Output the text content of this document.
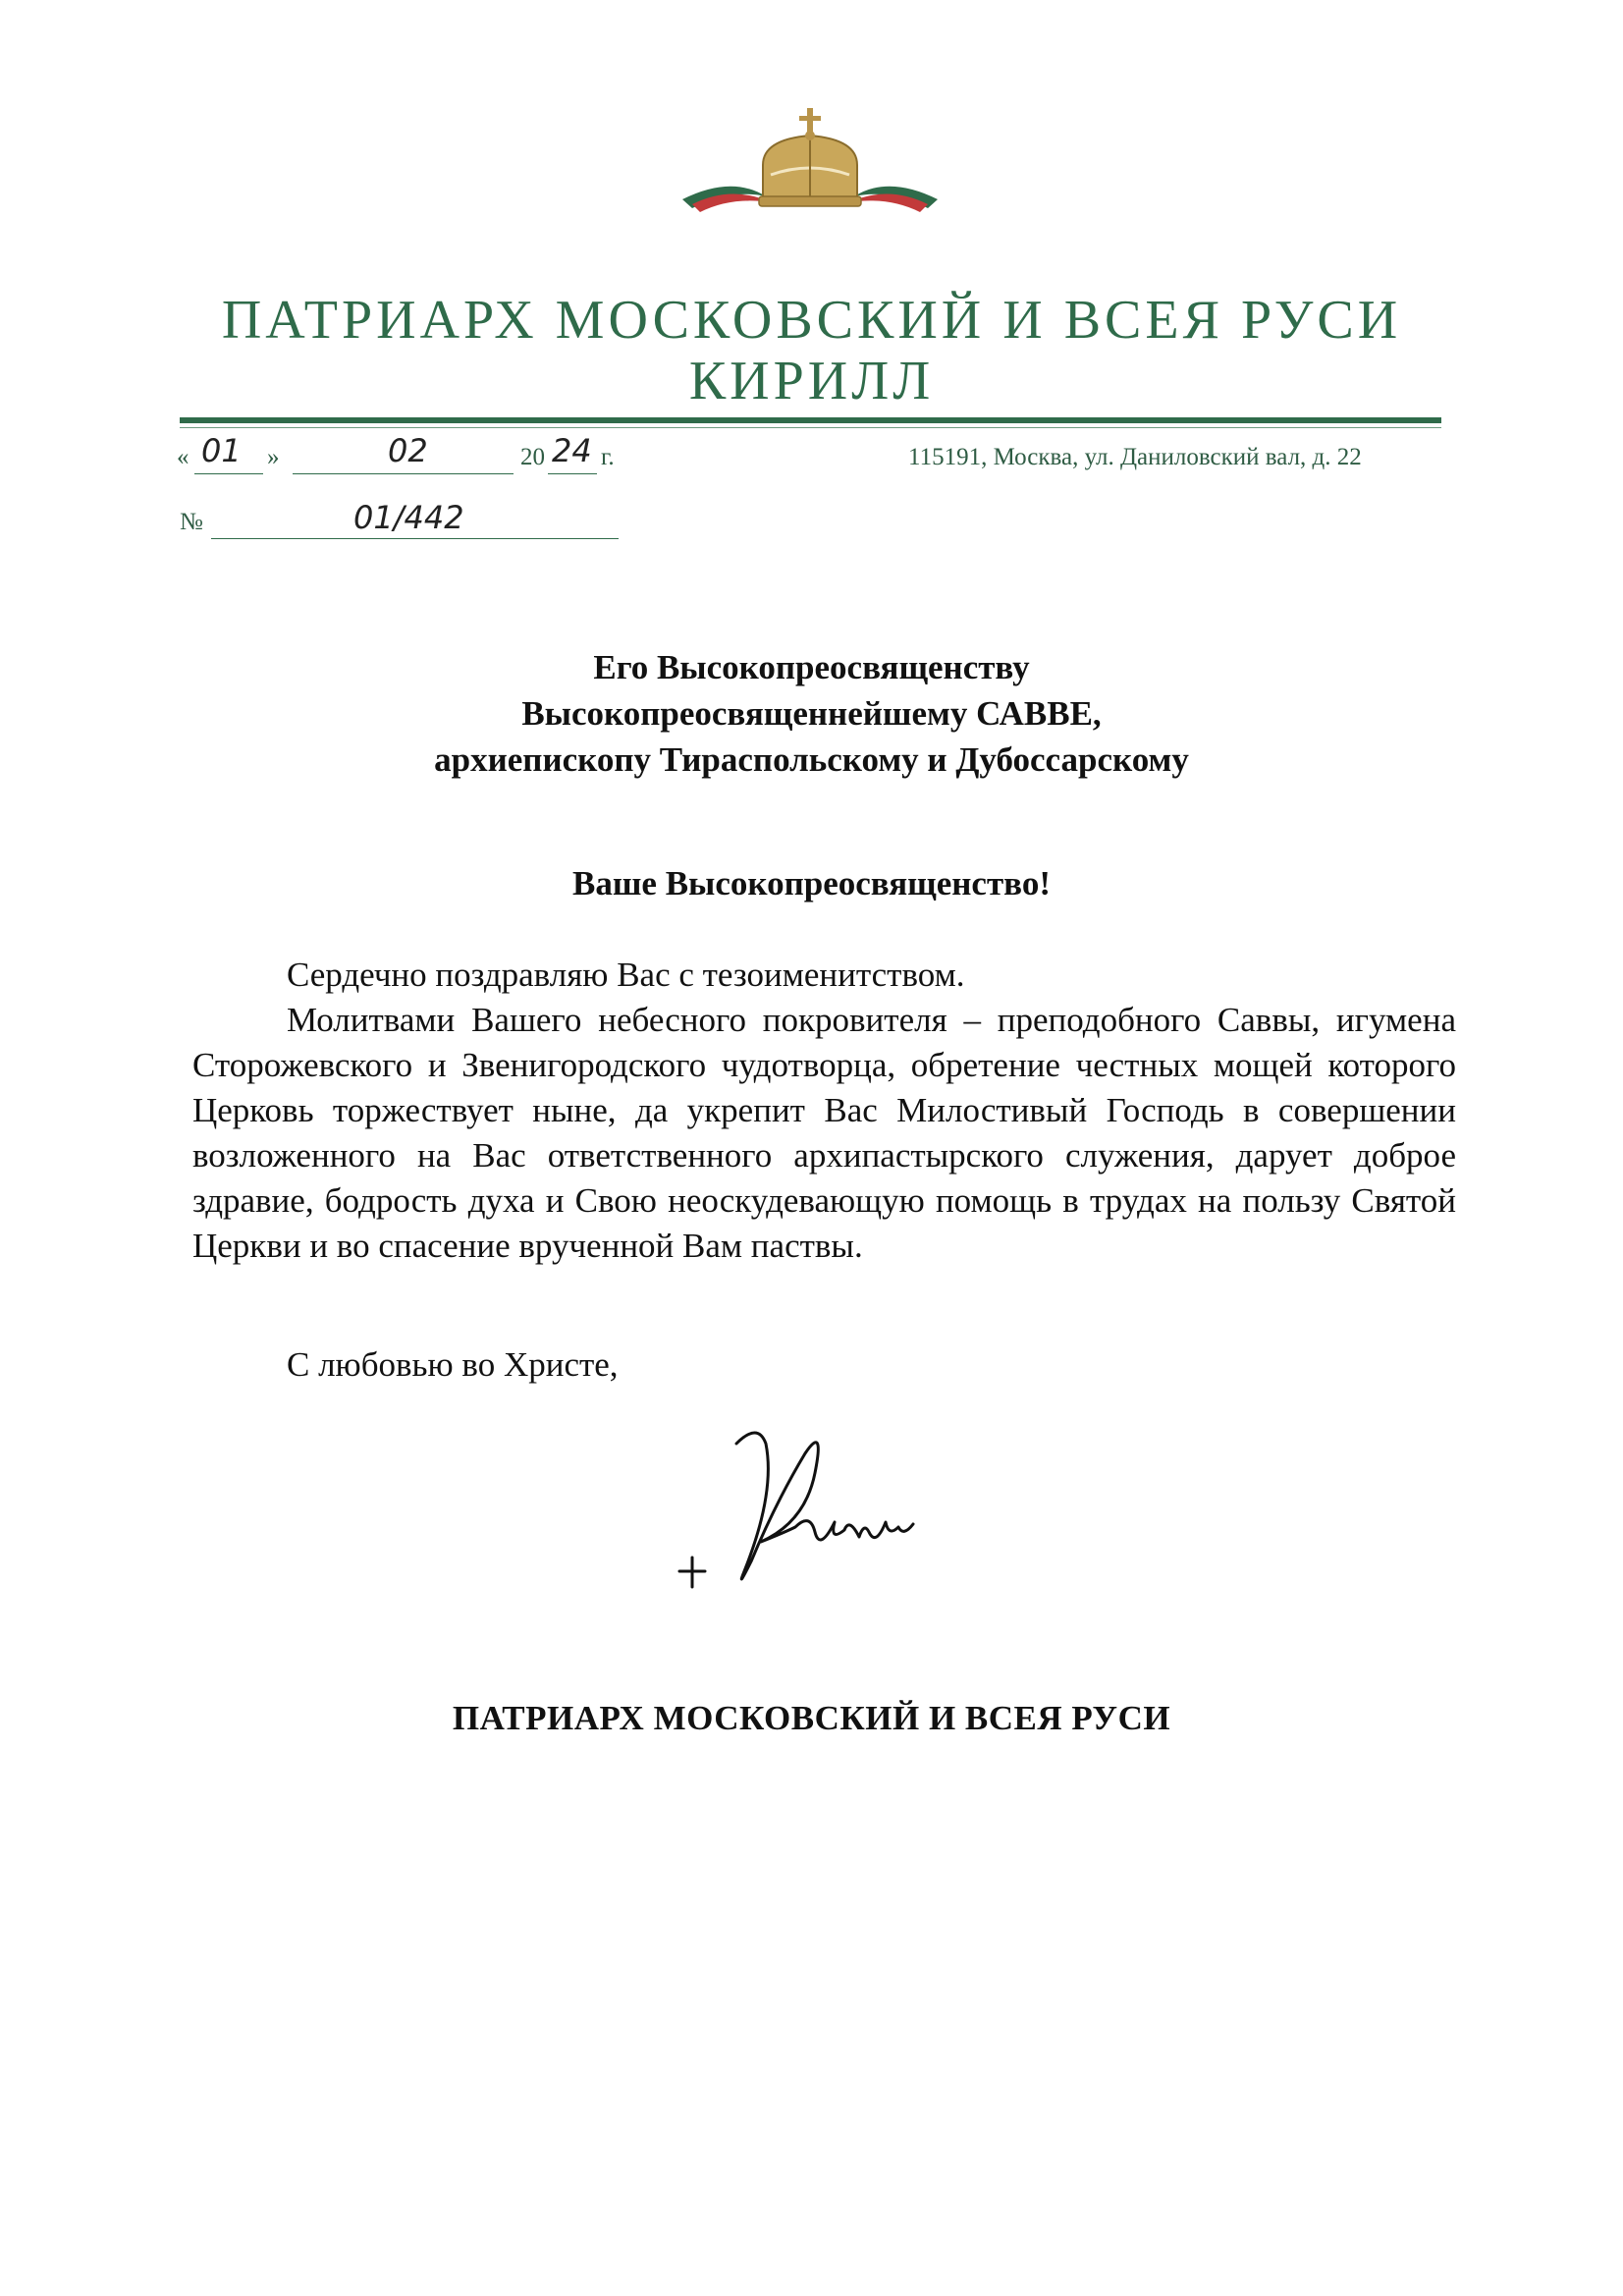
ПАТРИАРХ МОСКОВСКИЙ И ВСЕЯ РУСИ
КИРИЛЛ
« 01 »	02	20 24 г.	115191, Москва, ул. Даниловский вал, д. 22
№	01/442
Его Высокопреосвященству
Высокопреосвященнейшему САВВЕ,
архиепископу Тираспольскому и Дубоссарскому
Ваше Высокопреосвященство!

Сердечно поздравляю Вас с тезоименитством.

Молитвами Вашего небесного покровителя – преподобного Саввы, игумена Сторожевского и Звенигородского чудотворца, обретение честных мощей которого Церковь торжествует ныне, да укрепит Вас Милостивый Господь в совершении возложенного на Вас ответственного архипастырского служения, дарует доброе здравие, бодрость духа и Свою неоскудевающую помощь в трудах на пользу Святой Церкви и во спасение врученной Вам паствы.

С любовью во Христе,
ПАТРИАРХ МОСКОВСКИЙ И ВСЕЯ РУСИ
